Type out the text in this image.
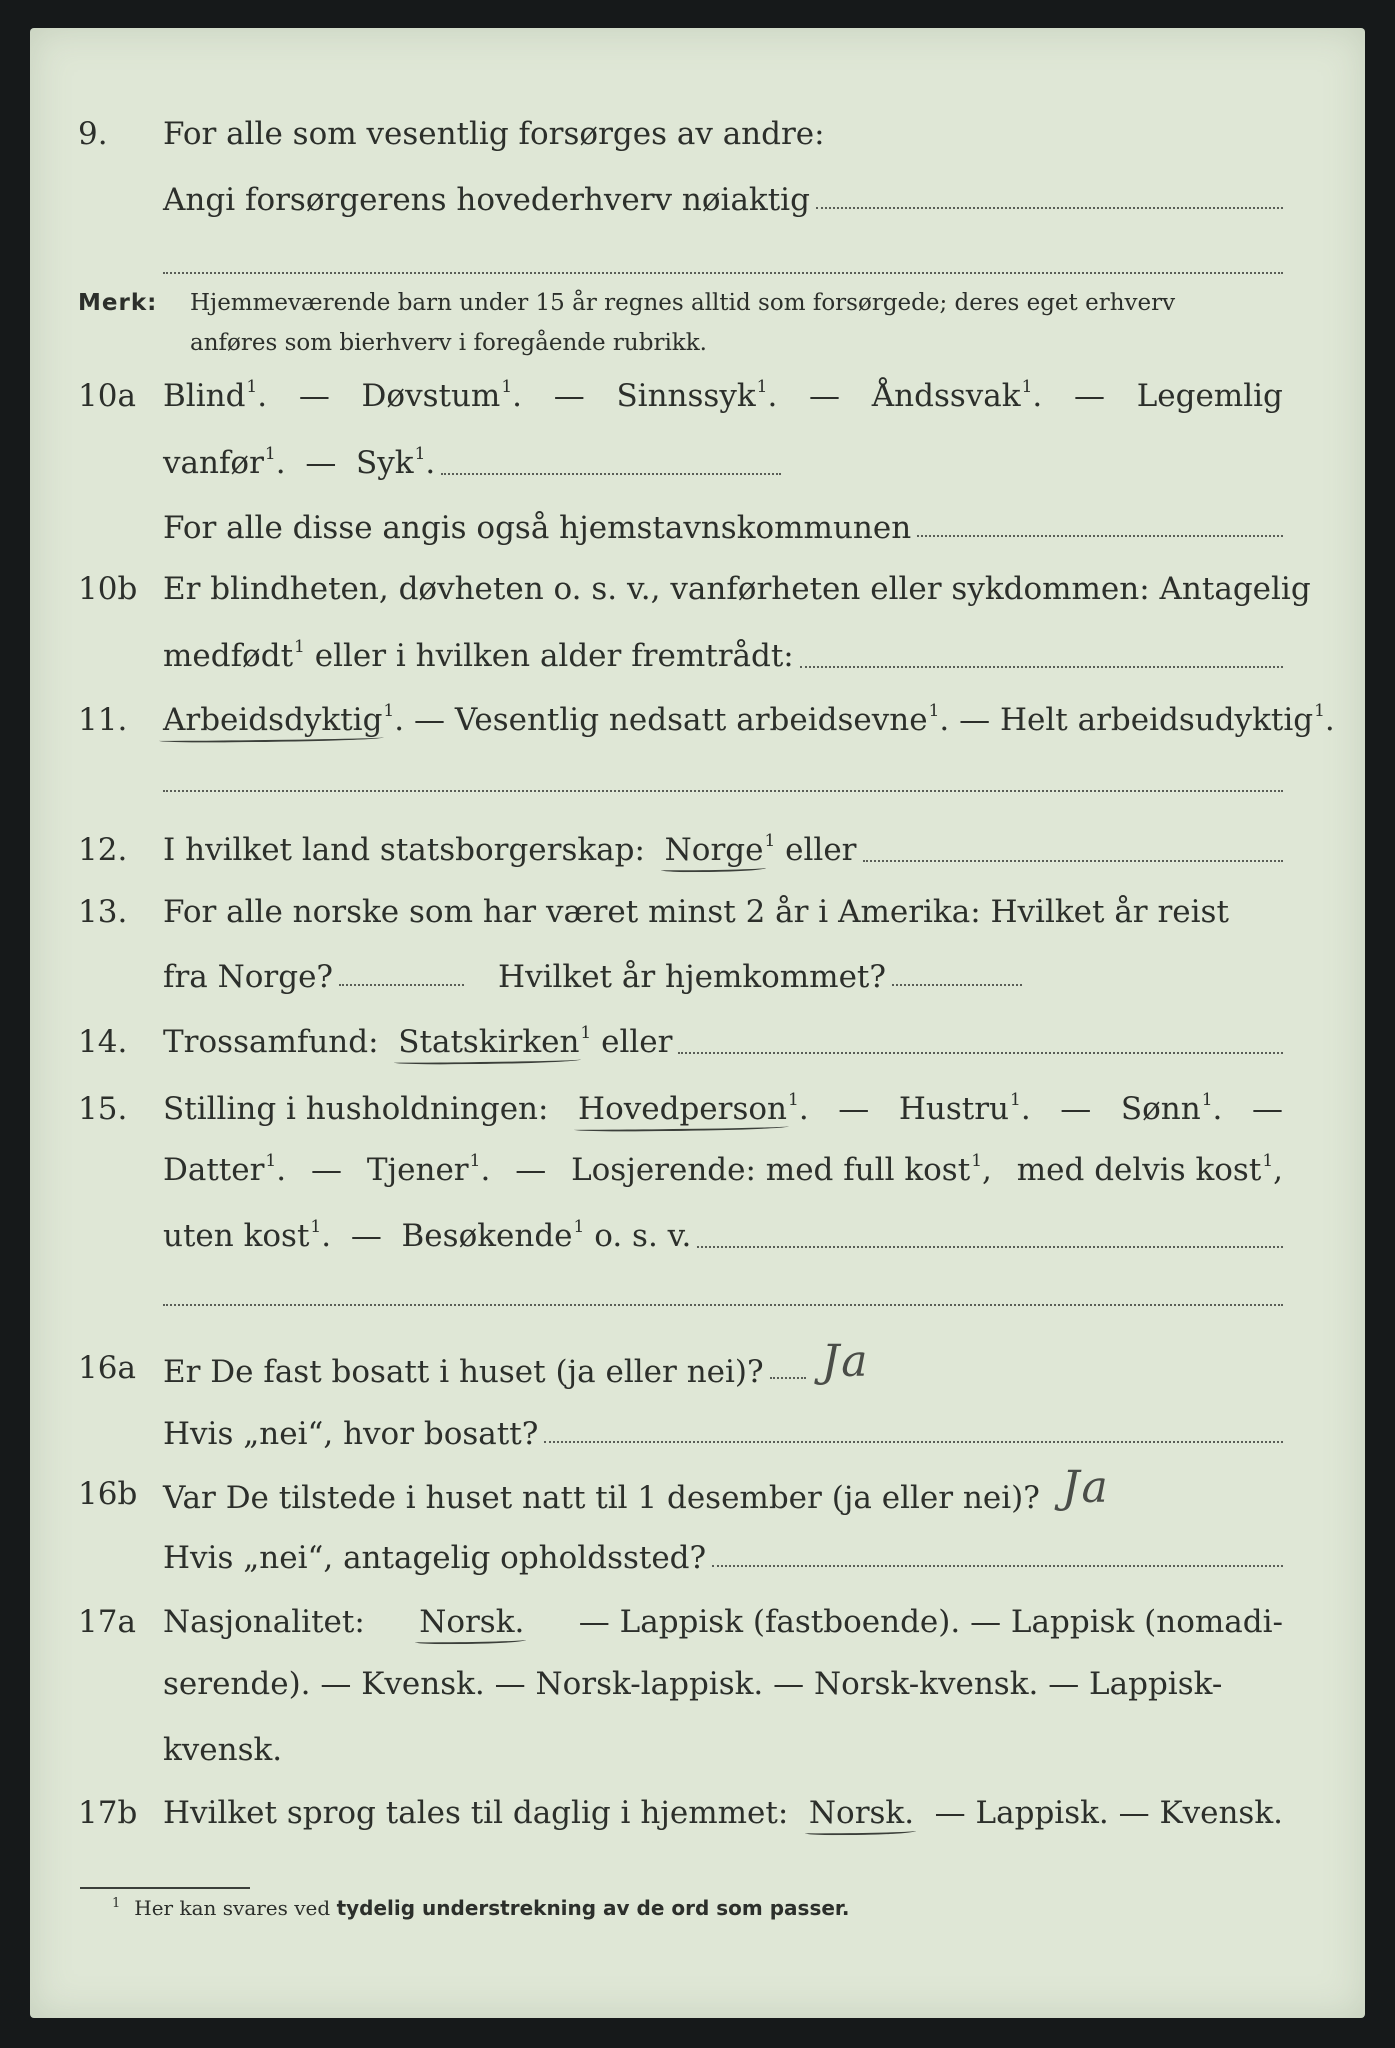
9. For alle som vesentlig forsørges av andre:
Angi forsørgerens hovederhverv nøiaktig
Merk: Hjemmeværende barn under 15 år regnes alltid som forsørgede; deres eget erhverv
anføres som bierhverv i foregående rubrikk.
10a Blind$^1$. — Døvstum$^1$. — Sinnssyk$^1$. — Åndssvak$^1$. — Legemlig
vanfør$^1$.
—
Syk$^1$.
For alle disse angis også hjemstavnskommunen
10b Er blindheten, døvheten o. s. v., vanførheten eller sykdommen: Antagelig
medfødt$^1$ eller i hvilken alder fremtrådt:
11. Arbeidsdyktig$^1$. — Vesentlig nedsatt arbeidsevne$^1$. — Helt arbeidsudyktig$^1$.
12. I hvilket land statsborgerskap: Norge$^1$ eller
13. For alle norske som har været minst 2 år i Amerika: Hvilket år reist
fra Norge?	Hvilket år hjemkommet?
14. Trossamfund: Statskirken$^1$ eller
15. Stilling i husholdningen: Hovedperson$^1$. — Hustru$^1$. — Sønn$^1$. —
Datter$^1$. — Tjener$^1$. — Losjerende: med full kost$^1$, med delvis kost$^1$,
uten kost$^1$. — Besøkende$^1$ o. s. v.
16a Er De fast bosatt i huset (ja eller nei)? Ja
Hvis „nei“, hvor bosatt?
16b Var De tilstede i huset natt til 1 desember (ja eller nei)? Ja
Hvis „nei“, antagelig opholdssted?
17a Nasjonalitet: Norsk. — Lappisk (fastboende). — Lappisk (nomadi-
serende). — Kvensk. — Norsk-lappisk. — Norsk-kvensk. — Lappisk-
kvensk.
17b Hvilket sprog tales til daglig i hjemmet: Norsk. — Lappisk. — Kvensk.
$^1$ Her kan svares ved tydelig understrekning av de ord som passer.
